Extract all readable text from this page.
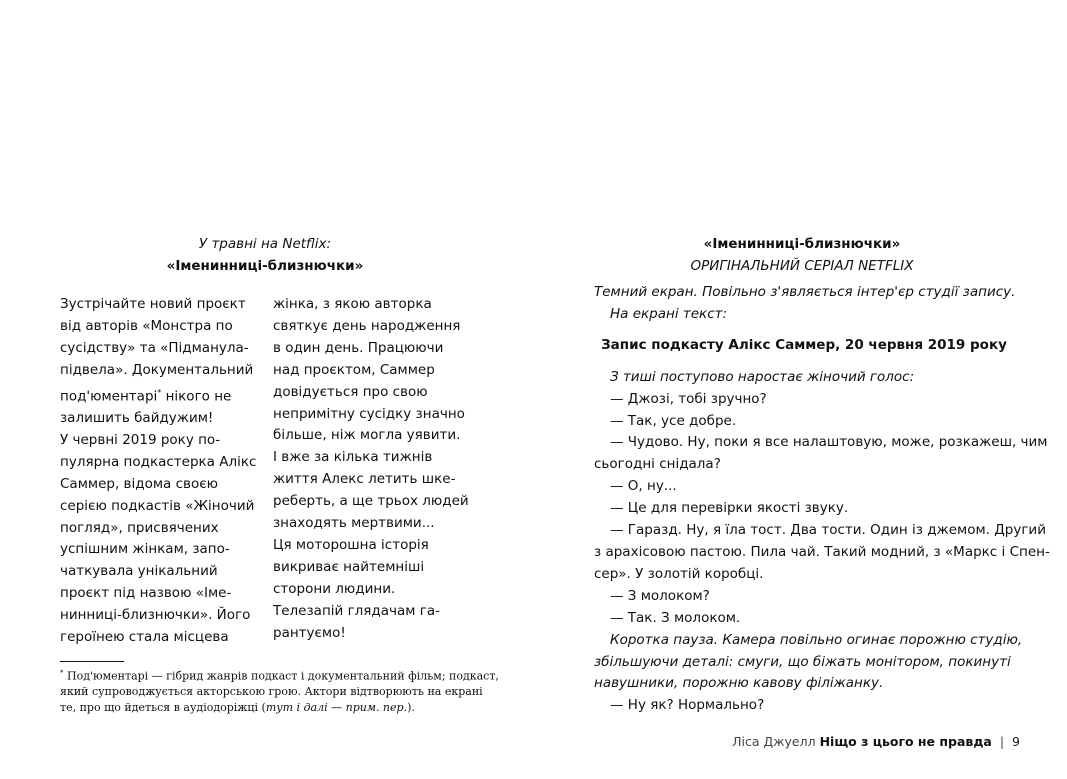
У травні на Netflix:
«Іменинниці-близнючки»
Зустрічайте новий проєкт
від авторів «Монстра по
сусідству» та «Підманула-
підвела». Документальний
под'юментарі* нікого не
залишить байдужим!
У червні 2019 року по-
пулярна подкастерка Алікс
Саммер, відома своєю
серією подкастів «Жіночий
погляд», присвячених
успішним жінкам, запо-
чаткувала унікальний
проєкт під назвою «Іме-
нинниці-близнючки». Його
героїнею стала місцева
жінка, з якою авторка
святкує день народження
в один день. Працюючи
над проєктом, Саммер
довідується про свою
непримітну сусідку значно
більше, ніж могла уявити.
І вже за кілька тижнів
життя Алекс летить шке-
реберть, а ще трьох людей
знаходять мертвими...
Ця моторошна історія
викриває найтемніші
сторони людини.
Телезапій глядачам га-
рантуємо!
* Под'юментарі — гібрид жанрів подкаст і документальний фільм; подкаст,
який супроводжується акторською грою. Актори відтворюють на екрані
те, про що йдеться в аудіодоріжці (тут і далі — прим. пер.).
«Іменинниці-близнючки»
ОРИГІНАЛЬНИЙ СЕРІАЛ NETFLIX
Темний екран. Повільно з'являється інтер'єр студії запису.
На екрані текст:
Запис подкасту Алікс Саммер, 20 червня 2019 року
З тиші поступово наростає жіночий голос:
— Джозі, тобі зручно?
— Так, усе добре.
— Чудово. Ну, поки я все налаштовую, може, розкажеш, чим
сьогодні снідала?
— О, ну...
— Це для перевірки якості звуку.
— Гаразд. Ну, я їла тост. Два тости. Один із джемом. Другий
з арахісовою пастою. Пила чай. Такий модний, з «Маркс і Спен-
сер». У золотій коробці.
— З молоком?
— Так. З молоком.
Коротка пауза. Камера повільно огинає порожню студію,
збільшуючи деталі: смуги, що біжать монітором, покинуті
навушники, порожню кавову філіжанку.
— Ну як? Нормально?
Ліса Джуелл Ніщо з цього не правда | 9
